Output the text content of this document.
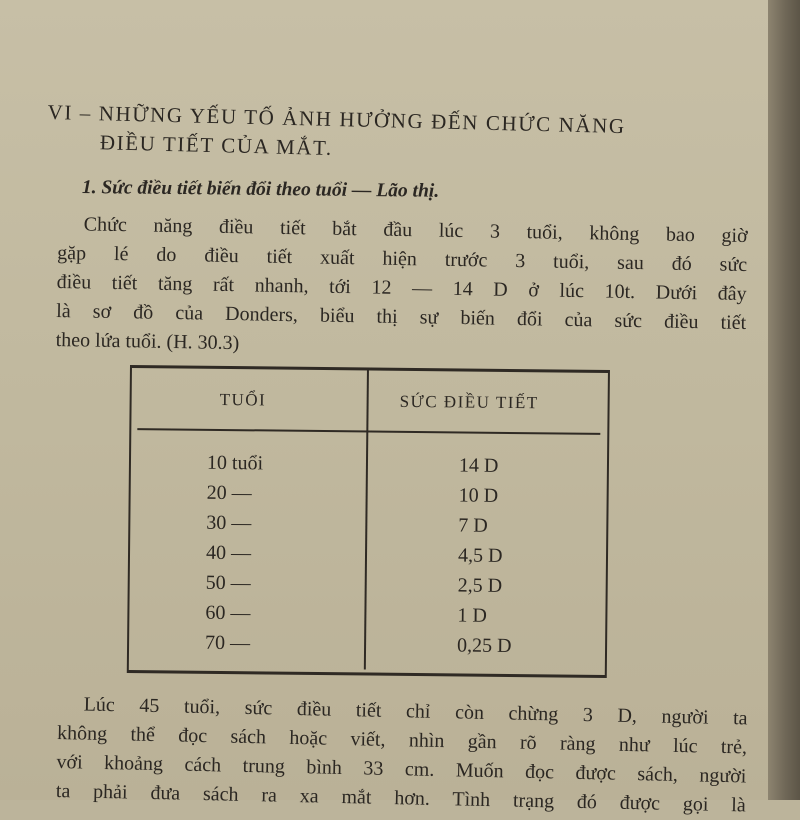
VI – NHỮNG YẾU TỐ ẢNH HƯỞNG ĐẾN CHỨC NĂNG
ĐIỀU TIẾT CỦA MẮT.
1. Sức điều tiết biến đổi theo tuổi — Lão thị.
Chức năng điều tiết bắt đầu lúc 3 tuổi, không bao giờ
gặp lé do điều tiết xuất hiện trước 3 tuổi, sau đó sức
điều tiết tăng rất nhanh, tới 12 — 14 D ở lúc 10t. Dưới đây
là sơ đồ của Donders, biểu thị sự biến đổi của sức điều tiết
theo lứa tuổi. (H. 30.3)
TUỔI	SỨC ĐIỀU TIẾT
10 tuổi
20 —
30 —
40 —
50 —
60 —
70 —
14 D
10 D
7 D
4,5 D
2,5 D
1 D
0,25 D
Lúc 45 tuổi, sức điều tiết chỉ còn chừng 3 D, người ta
không thể đọc sách hoặc viết, nhìn gần rõ ràng như lúc trẻ,
với khoảng cách trung bình 33 cm. Muốn đọc được sách, người
ta phải đưa sách ra xa mắt hơn. Tình trạng đó được gọi là
